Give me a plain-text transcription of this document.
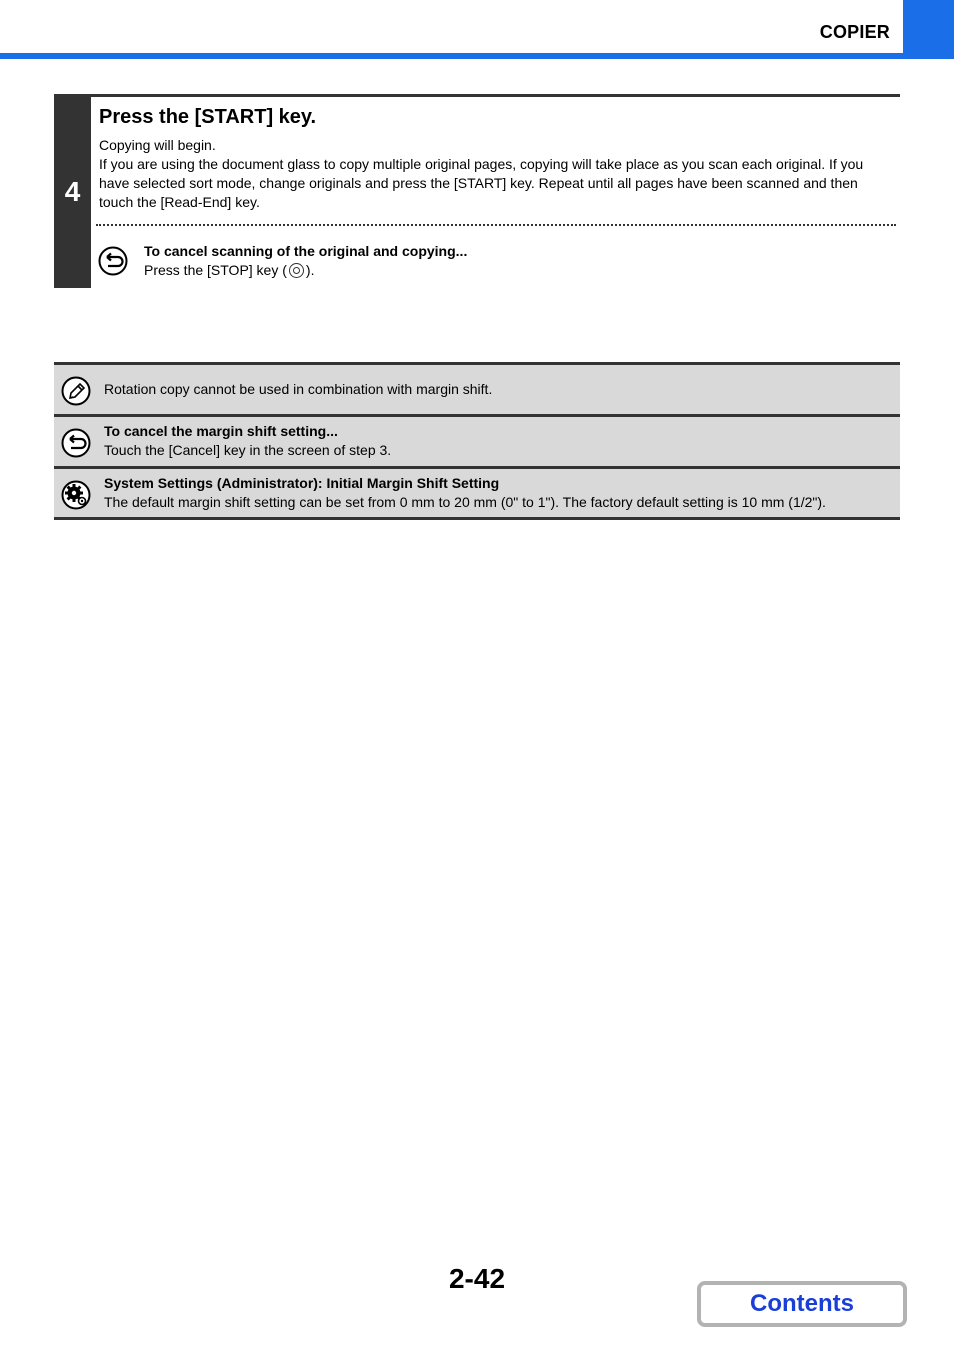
COPIER
4
Press the [START] key.

Copying will begin.

If you are using the document glass to copy multiple original pages, copying will take place as you scan each original. If you have selected sort mode, change originals and press the [START] key. Repeat until all pages have been scanned and then touch the [Read-End] key.

To cancel scanning of the original and copying...
Press the [STOP] key ( ).
Rotation copy cannot be used in combination with margin shift.
To cancel the margin shift setting...
Touch the [Cancel] key in the screen of step 3.
System Settings (Administrator): Initial Margin Shift Setting
The default margin shift setting can be set from 0 mm to 20 mm (0" to 1"). The factory default setting is 10 mm (1/2").
2-42
Contents
